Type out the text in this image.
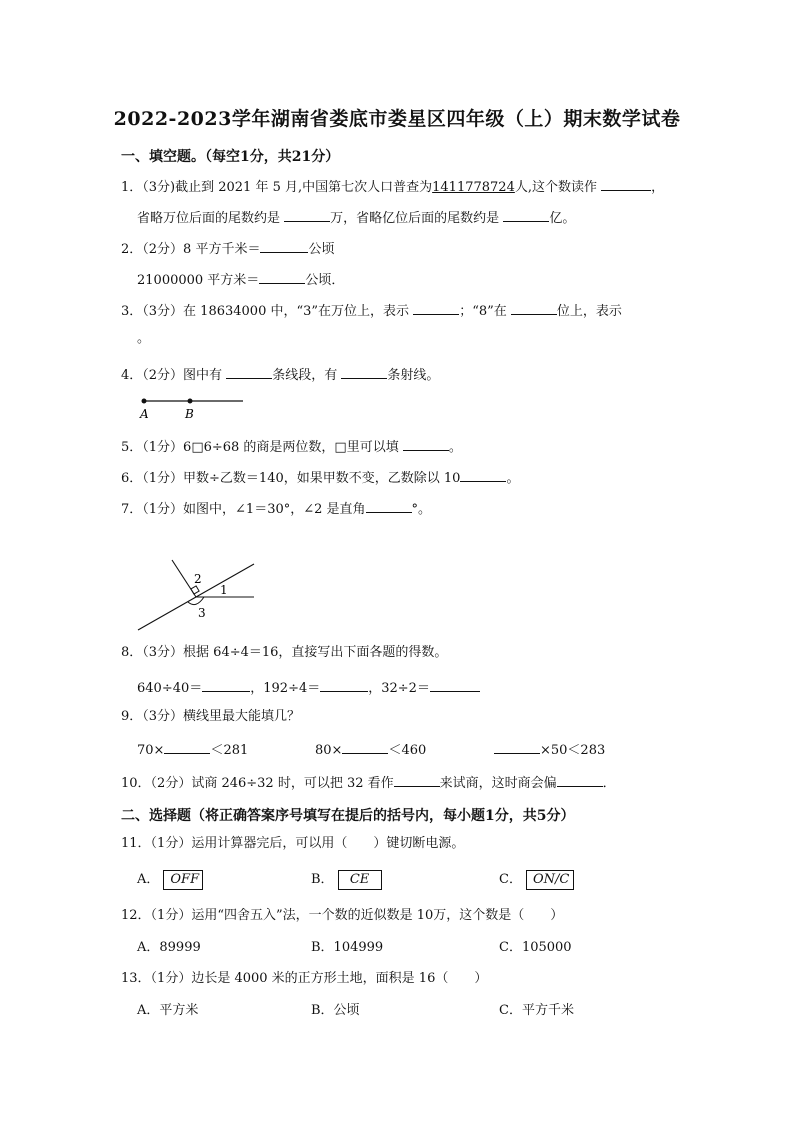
2022-2023学年湖南省娄底市娄星区四年级（上）期末数学试卷
一、填空题。（每空1分，共21分）
1．（3分)截止到 2021 年 5 月,中国第七次人口普查为1411778724人,这个数读作	，
省略万位后面的尾数约是	万，省略亿位后面的尾数约是	亿。
2．（2分）8 平方千米＝	公顷
21000000 平方米＝	公顷．
3．（3分）在 18634000 中，“3”在万位上，表示	；“8”在	位上，表示
。
4．（2分）图中有	条线段，有	条射线。
A	B
5．（1分）6□6÷68 的商是两位数，□里可以填	。
6．（1分）甲数÷乙数＝140，如果甲数不变，乙数除以 10	。
7．（1分）如图中，∠1＝30°，∠2 是直角	°。
2
1
3
8．（3分）根据 64÷4＝16，直接写出下面各题的得数。
640÷40＝	，192÷4＝	，32÷2＝
9．（3分）横线里最大能填几？
70×	＜281	80×	＜460	×50＜283
10．（2分）试商 246÷32 时，可以把 32 看作	来试商，这时商会偏	．
二、选择题（将正确答案序号填写在提后的括号内，每小题1分，共5分）
11．（1分）运用计算器完后，可以用（　　）键切断电源。
A． OFF	B． CE	C． ON/C
12．（1分）运用“四舍五入”法，一个数的近似数是 10万，这个数是（　　）
A．89999	B．104999	C．105000
13．（1分）边长是 4000 米的正方形土地，面积是 16（　　）
A．平方米	B．公顷	C．平方千米
